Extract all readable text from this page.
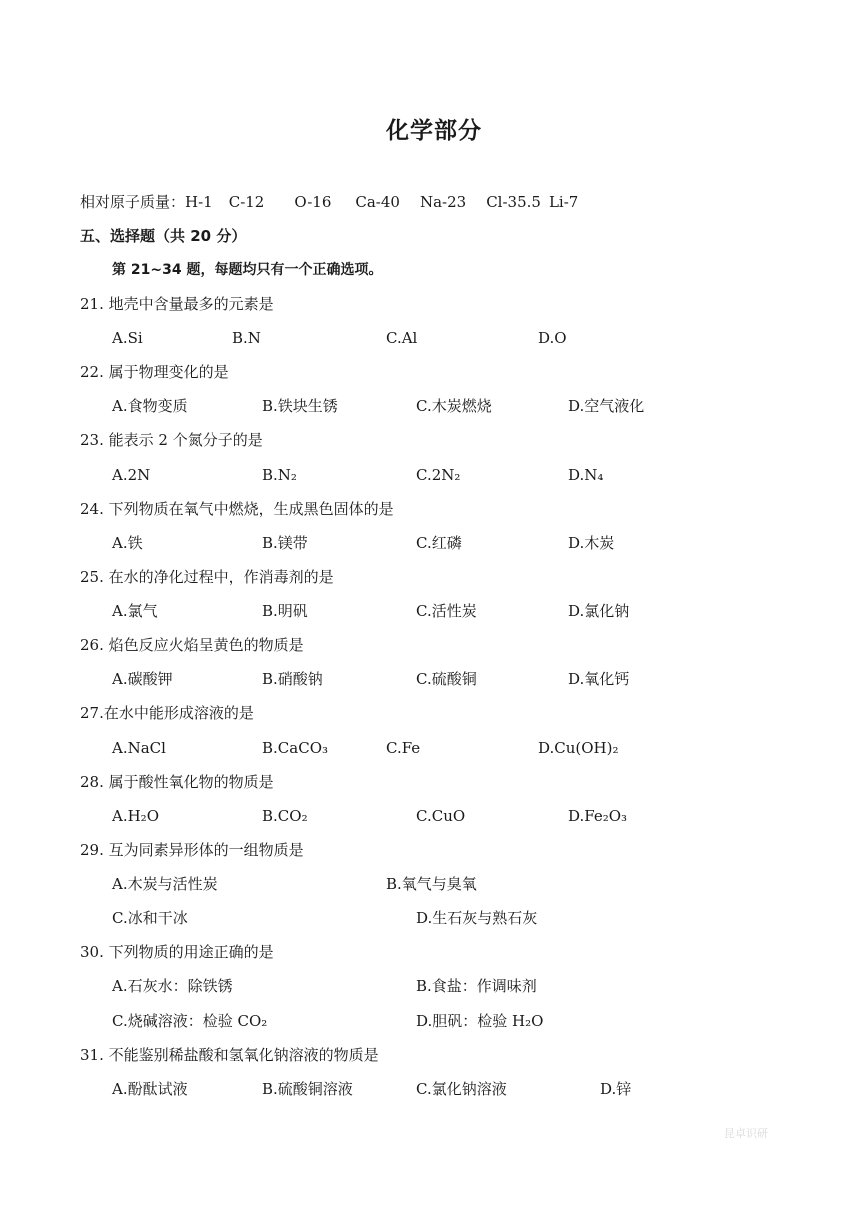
化学部分
相对原子质量：H-1 C-12 O-16 Ca-40 Na-23 Cl-35.5 Li-7
五、选择题（共 20 分）
第 21~34 题，每题均只有一个正确选项。
21. 地壳中含量最多的元素是
A.Si	B.N	C.Al	D.O
22. 属于物理变化的是
A.食物变质	B.铁块生锈	C.木炭燃烧	D.空气液化
23. 能表示 2 个氮分子的是
A.2N	B.N₂	C.2N₂	D.N₄
24. 下列物质在氧气中燃烧，生成黑色固体的是
A.铁	B.镁带	C.红磷	D.木炭
25. 在水的净化过程中，作消毒剂的是
A.氯气	B.明矾	C.活性炭	D.氯化钠
26. 焰色反应火焰呈黄色的物质是
A.碳酸钾	B.硝酸钠	C.硫酸铜	D.氧化钙
27.在水中能形成溶液的是
A.NaCl	B.CaCO₃	C.Fe	D.Cu(OH)₂
28. 属于酸性氧化物的物质是
A.H₂O	B.CO₂	C.CuO	D.Fe₂O₃
29. 互为同素异形体的一组物质是
A.木炭与活性炭	B.氧气与臭氧
C.冰和干冰	D.生石灰与熟石灰
30. 下列物质的用途正确的是
A.石灰水：除铁锈	B.食盐：作调味剂
C.烧碱溶液：检验 CO₂	D.胆矾：检验 H₂O
31. 不能鉴别稀盐酸和氢氧化钠溶液的物质是
A.酚酞试液	B.硫酸铜溶液	C.氯化钠溶液	D.锌
昆卓识研
